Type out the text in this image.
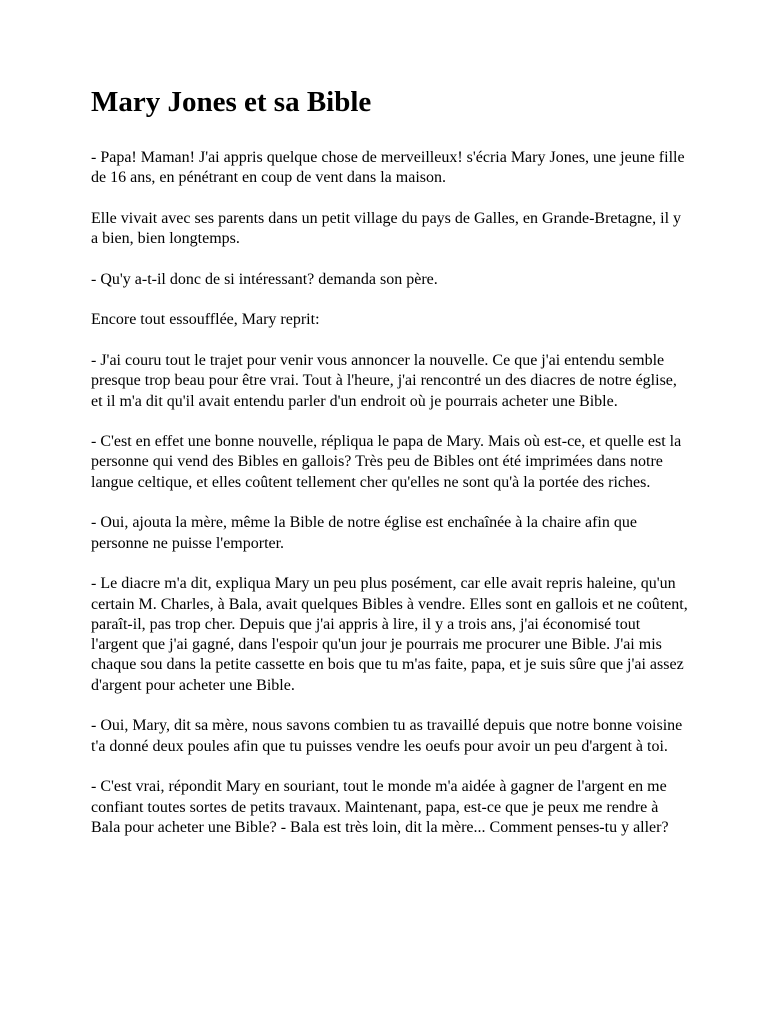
Mary Jones et sa Bible

- Papa! Maman! J'ai appris quelque chose de merveilleux! s'écria Mary Jones, une jeune fille de 16 ans, en pénétrant en coup de vent dans la maison.

Elle vivait avec ses parents dans un petit village du pays de Galles, en Grande-Bretagne, il y a bien, bien longtemps.

- Qu'y a-t-il donc de si intéressant? demanda son père.

Encore tout essoufflée, Mary reprit:

- J'ai couru tout le trajet pour venir vous annoncer la nouvelle. Ce que j'ai entendu semble presque trop beau pour être vrai. Tout à l'heure, j'ai rencontré un des diacres de notre église, et il m'a dit qu'il avait entendu parler d'un endroit où je pourrais acheter une Bible.

- C'est en effet une bonne nouvelle, répliqua le papa de Mary. Mais où est-ce, et quelle est la personne qui vend des Bibles en gallois? Très peu de Bibles ont été imprimées dans notre langue celtique, et elles coûtent tellement cher qu'elles ne sont qu'à la portée des riches.

- Oui, ajouta la mère, même la Bible de notre église est enchaînée à la chaire afin que personne ne puisse l'emporter.

- Le diacre m'a dit, expliqua Mary un peu plus posément, car elle avait repris haleine, qu'un certain M. Charles, à Bala, avait quelques Bibles à vendre. Elles sont en gallois et ne coûtent, paraît-il, pas trop cher. Depuis que j'ai appris à lire, il y a trois ans, j'ai économisé tout l'argent que j'ai gagné, dans l'espoir qu'un jour je pourrais me procurer une Bible. J'ai mis chaque sou dans la petite cassette en bois que tu m'as faite, papa, et je suis sûre que j'ai assez d'argent pour acheter une Bible.

- Oui, Mary, dit sa mère, nous savons combien tu as travaillé depuis que notre bonne voisine t'a donné deux poules afin que tu puisses vendre les oeufs pour avoir un peu d'argent à toi.

- C'est vrai, répondit Mary en souriant, tout le monde m'a aidée à gagner de l'argent en me confiant toutes sortes de petits travaux. Maintenant, papa, est-ce que je peux me rendre à Bala pour acheter une Bible? - Bala est très loin, dit la mère... Comment penses-tu y aller?
